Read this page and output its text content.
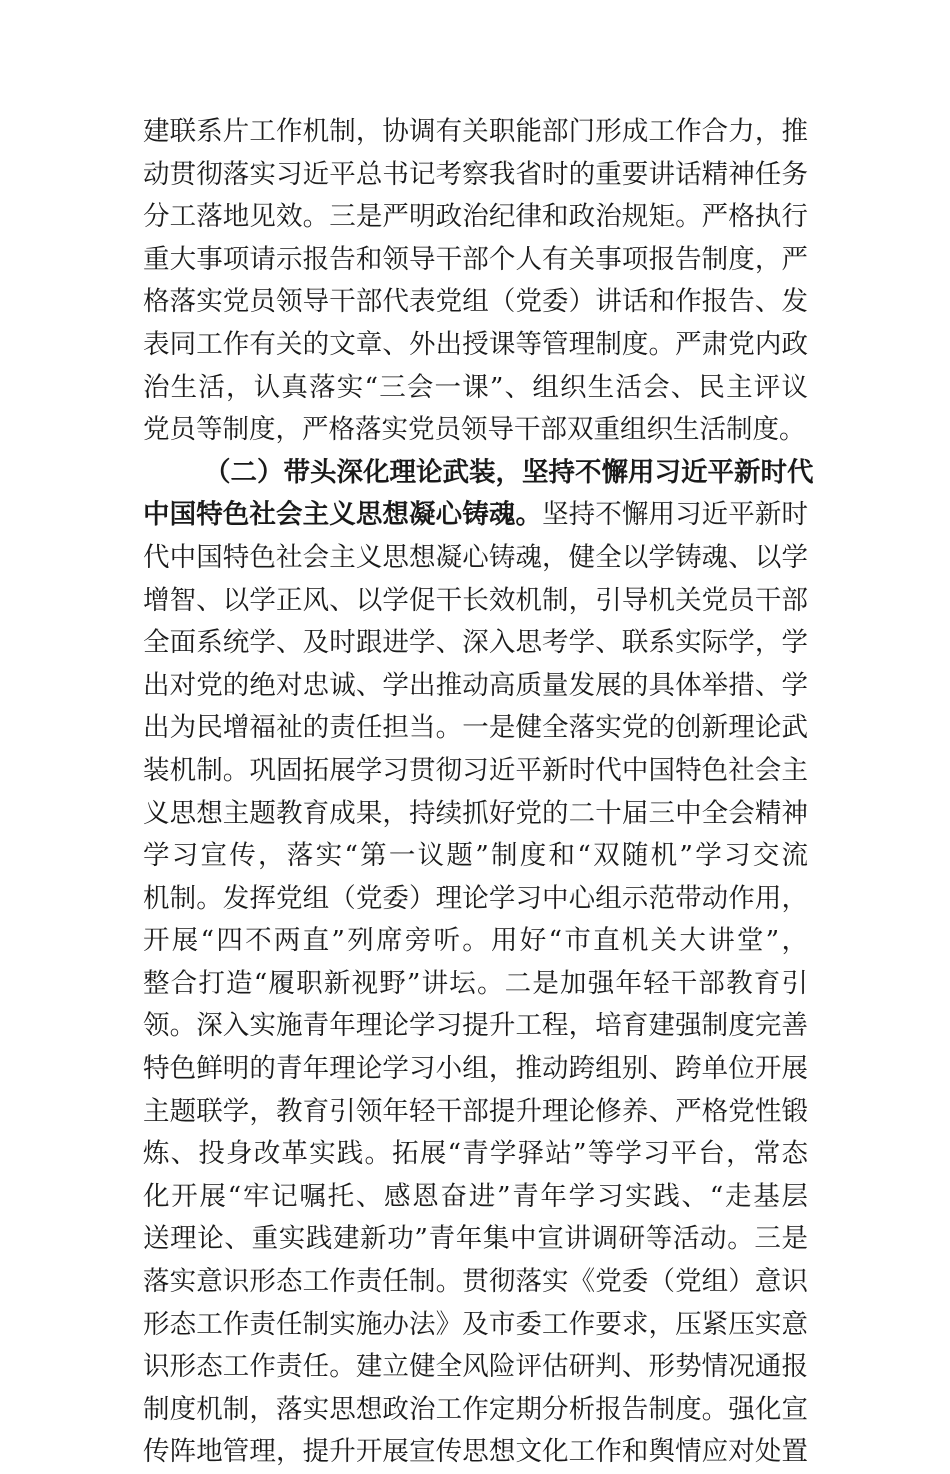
建联系片工作机制，协调有关职能部门形成工作合力，推
动贯彻落实习近平总书记考察我省时的重要讲话精神任务
分工落地见效。三是严明政治纪律和政治规矩。严格执行
重大事项请示报告和领导干部个人有关事项报告制度，严
格落实党员领导干部代表党组（党委）讲话和作报告、发
表同工作有关的文章、外出授课等管理制度。严肃党内政
治生活，认真落实“三会一课”、组织生活会、民主评议
党员等制度，严格落实党员领导干部双重组织生活制度。
（二）带头深化理论武装，坚持不懈用习近平新时代
中国特色社会主义思想凝心铸魂。坚持不懈用习近平新时
代中国特色社会主义思想凝心铸魂，健全以学铸魂、以学
增智、以学正风、以学促干长效机制，引导机关党员干部
全面系统学、及时跟进学、深入思考学、联系实际学，学
出对党的绝对忠诚、学出推动高质量发展的具体举措、学
出为民增福祉的责任担当。一是健全落实党的创新理论武
装机制。巩固拓展学习贯彻习近平新时代中国特色社会主
义思想主题教育成果，持续抓好党的二十届三中全会精神
学习宣传，落实“第一议题”制度和“双随机”学习交流
机制。发挥党组（党委）理论学习中心组示范带动作用，
开展“四不两直”列席旁听。用好“市直机关大讲堂”，
整合打造“履职新视野”讲坛。二是加强年轻干部教育引
领。深入实施青年理论学习提升工程，培育建强制度完善
特色鲜明的青年理论学习小组，推动跨组别、跨单位开展
主题联学，教育引领年轻干部提升理论修养、严格党性锻
炼、投身改革实践。拓展“青学驿站”等学习平台，常态
化开展“牢记嘱托、感恩奋进”青年学习实践、“走基层
送理论、重实践建新功”青年集中宣讲调研等活动。三是
落实意识形态工作责任制。贯彻落实《党委（党组）意识
形态工作责任制实施办法》及市委工作要求，压紧压实意
识形态工作责任。建立健全风险评估研判、形势情况通报
制度机制，落实思想政治工作定期分析报告制度。强化宣
传阵地管理，提升开展宣传思想文化工作和舆情应对处置
